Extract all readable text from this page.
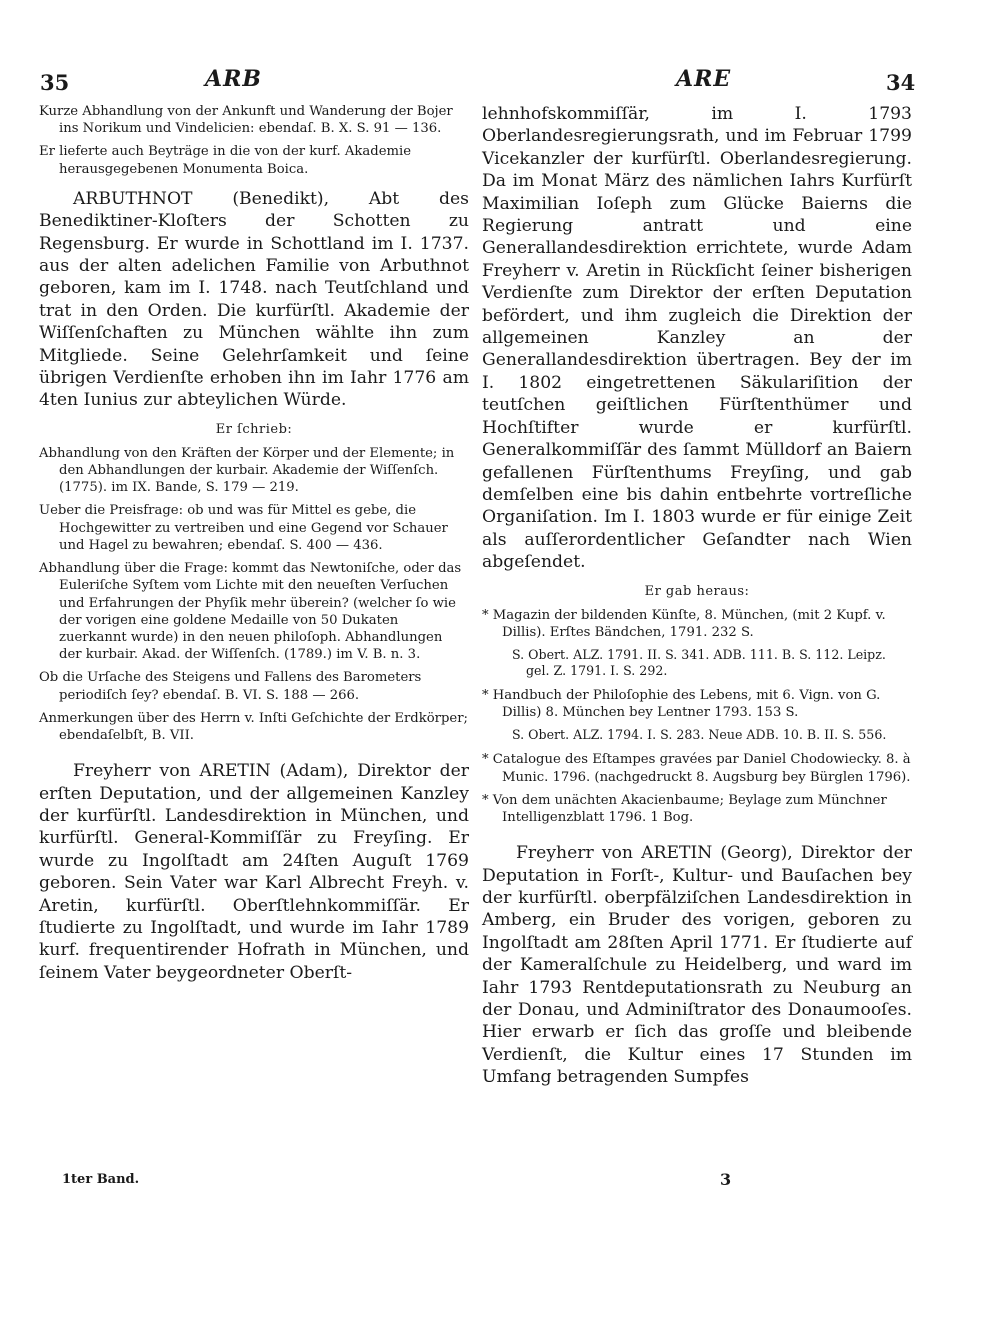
35	ARB	ARE	34

Kurze Abhandlung von der Ankunft und Wanderung der Bojer ins Norikum und Vindelicien: ebendaſ. B. X. S. 91 — 136.

Er lieferte auch Beyträge in die von der kurf. Akademie herausgegebenen Monumenta Boica.

ARBUTHNOT (Benedikt), Abt des Benediktiner-Kloſters der Schotten zu Regensburg. Er wurde in Schottland im I. 1737. aus der alten adelichen Familie von Arbuthnot geboren, kam im I. 1748. nach Teutſchland und trat in den Orden. Die kurfürſtl. Akademie der Wiſſenſchaften zu München wählte ihn zum Mitgliede. Seine Gelehrſamkeit und ſeine übrigen Verdienſte erhoben ihn im Iahr 1776 am 4ten Iunius zur abteylichen Würde.

Er ſchrieb:

Abhandlung von den Kräften der Körper und der Elemente; in den Abhandlungen der kurbair. Akademie der Wiſſenſch. (1775). im IX. Bande, S. 179 — 219.

Ueber die Preisfrage: ob und was für Mittel es gebe, die Hochgewitter zu vertreiben und eine Gegend vor Schauer und Hagel zu bewahren; ebendaſ. S. 400 — 436.

Abhandlung über die Frage: kommt das Newtoniſche, oder das Euleriſche Syſtem vom Lichte mit den neueſten Verſuchen und Erfahrungen der Phyſik mehr überein? (welcher ſo wie der vorigen eine goldene Medaille von 50 Dukaten zuerkannt wurde) in den neuen philoſoph. Abhandlungen der kurbair. Akad. der Wiſſenſch. (1789.) im V. B. n. 3.

Ob die Urſache des Steigens und Fallens des Barometers periodiſch ſey? ebendaſ. B. VI. S. 188 — 266.

Anmerkungen über des Herrn v. Inſti Geſchichte der Erdkörper; ebendaſelbſt, B. VII.

Freyherr von ARETIN (Adam), Direktor der erſten Deputation, und der allgemeinen Kanzley der kurfürſtl. Landesdirektion in München, und kurfürſtl. General-Kommiſſär zu Freyſing. Er wurde zu Ingolſtadt am 24ſten Auguſt 1769 geboren. Sein Vater war Karl Albrecht Freyh. v. Aretin, kurfürſtl. Oberſtlehnkommiſſär. Er ſtudierte zu Ingolſtadt, und wurde im Iahr 1789 kurf. frequentirender Hofrath in München, und ſeinem Vater beygeordneter Oberſt-

lehnhofskommiſſär, im I. 1793 Oberlandesregierungsrath, und im Februar 1799 Vicekanzler der kurfürſtl. Oberlandesregierung. Da im Monat März des nämlichen Iahrs Kurfürſt Maximilian Ioſeph zum Glücke Baierns die Regierung antratt und eine Generallandesdirektion errichtete, wurde Adam Freyherr v. Aretin in Rückſicht ſeiner bisherigen Verdienſte zum Direktor der erſten Deputation befördert, und ihm zugleich die Direktion der allgemeinen Kanzley an der Generallandesdirektion übertragen. Bey der im I. 1802 eingetrettenen Säkulariſition der teutſchen geiſtlichen Fürſtenthümer und Hochſtifter wurde er kurfürſtl. Generalkommiſſär des ſammt Mülldorf an Baiern gefallenen Fürſtenthums Freyſing, und gab demſelben eine bis dahin entbehrte vortreſliche Organiſation. Im I. 1803 wurde er für einige Zeit als auſſerordentlicher Geſandter nach Wien abgeſendet.

Er gab heraus:

* Magazin der bildenden Künſte, 8. München, (mit 2 Kupf. v. Dillis). Erſtes Bändchen, 1791. 232 S.

S. Obert. ALZ. 1791. II. S. 341. ADB. 111. B. S. 112. Leipz. gel. Z. 1791. I. S. 292.

* Handbuch der Philoſophie des Lebens, mit 6. Vign. von G. Dillis) 8. München bey Lentner 1793. 153 S.

S. Obert. ALZ. 1794. I. S. 283. Neue ADB. 10. B. II. S. 556.

* Catalogue des Eſtampes gravées par Daniel Chodowiecky. 8. à Munic. 1796. (nachgedruckt 8. Augsburg bey Bürglen 1796).

* Von dem unächten Akacienbaume; Beylage zum Münchner Intelligenzblatt 1796. 1 Bog.

Freyherr von ARETIN (Georg), Direktor der Deputation in Forſt-, Kultur- und Bauſachen bey der kurfürſtl. oberpfälziſchen Landesdirektion in Amberg, ein Bruder des vorigen, geboren zu Ingolſtadt am 28ſten April 1771. Er ſtudierte auf der Kameralſchule zu Heidelberg, und ward im Iahr 1793 Rentdeputationsrath zu Neuburg an der Donau, und Adminiſtrator des Donaumooſes. Hier erwarb er ſich das groſſe und bleibende Verdienſt, die Kultur eines 17 Stunden im Umfang betragenden Sumpfes

1ter Band.	3
